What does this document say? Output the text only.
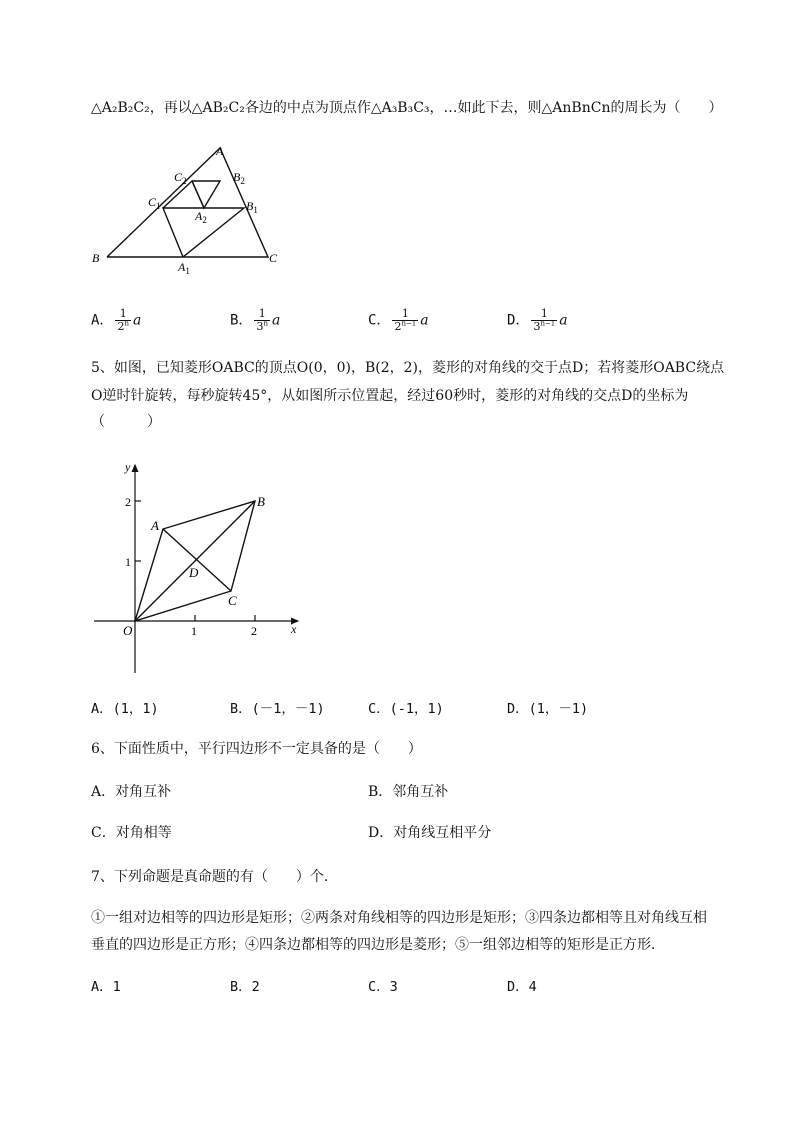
△A₂B₂C₂，再以△AB₂C₂各边的中点为顶点作△A₃B₃C₃，…如此下去，则△AnBnCn的周长为（　　）
A
B	C
$A_1$
$B_1$
$C_1$
$A_2$
$B_2$
$C_2$
A． $\frac{1}{2^n}$ a	B． $\frac{1}{3^n}$ a	C． $\frac{1}{2^{n-1}}$ a	D． $\frac{1}{3^{n-1}}$ a
5、如图，已知菱形OABC的顶点O(0，0)，B(2，2)，菱形的对角线的交于点D；若将菱形OABC绕点
O逆时针旋转，每秒旋转45°，从如图所示位置起，经过60秒时，菱形的对角线的交点D的坐标为
（　　　）
y
x
O
A
B
C
D
1	2
1
2
A．(1，1)	B．(－1，－1)	C．(-1，1)	D．(1，－1)
6、下面性质中，平行四边形不一定具备的是（　　）
A．对角互补	B．邻角互补
C．对角相等	D．对角线互相平分
7、下列命题是真命题的有（　　）个．
①一组对边相等的四边形是矩形；②两条对角线相等的四边形是矩形；③四条边都相等且对角线互相
垂直的四边形是正方形；④四条边都相等的四边形是菱形；⑤一组邻边相等的矩形是正方形．
A．1	B．2	C．3	D．4
